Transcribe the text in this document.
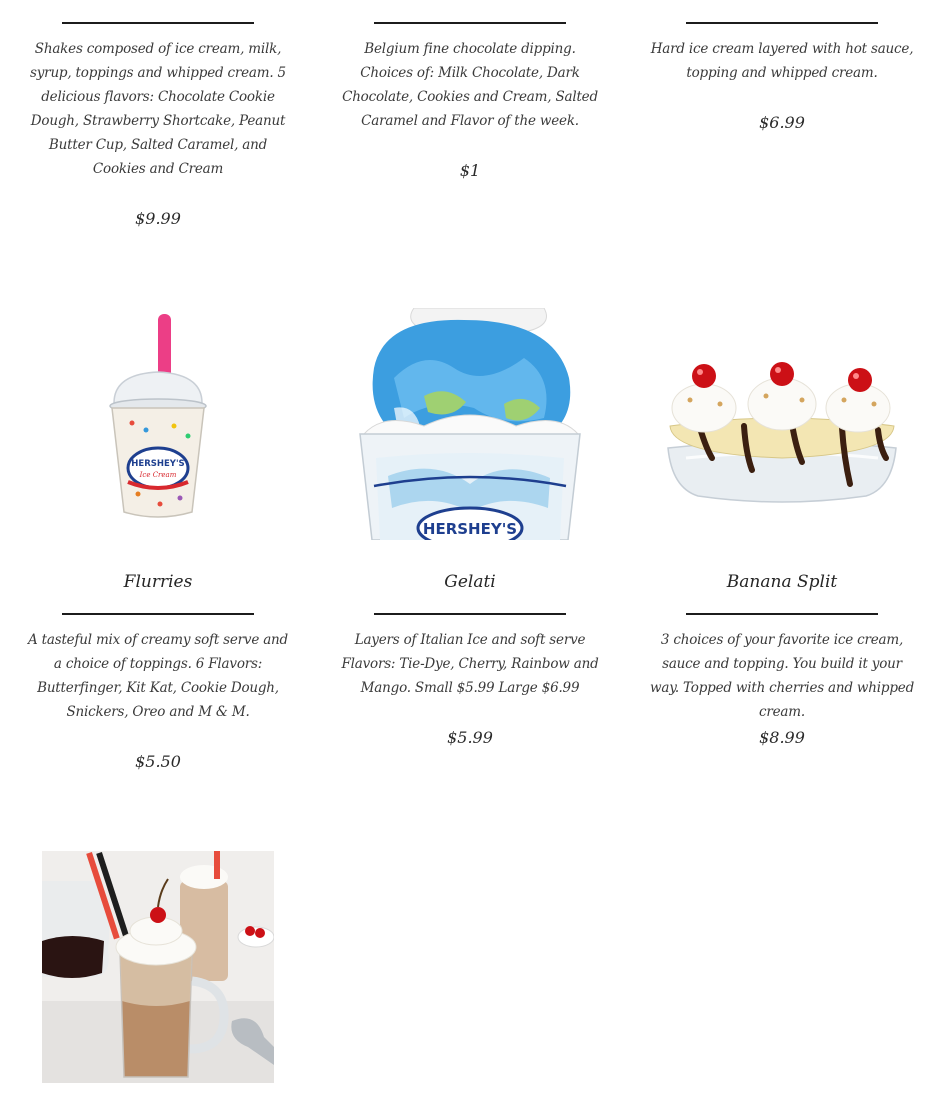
Shakes composed of ice cream, milk, syrup, toppings and whipped cream. 5 delicious flavors: Chocolate Cookie Dough, Strawberry Shortcake, Peanut Butter Cup, Salted Caramel, and Cookies and Cream
$9.99
Belgium fine chocolate dipping. Choices of: Milk Chocolate, Dark Chocolate, Cookies and Cream, Salted Caramel and Flavor of the week.
$1
Hard ice cream layered with hot sauce, topping and whipped cream.
$6.99
HERSHEY'S
Ice Cream
Flurries
A tasteful mix of creamy soft serve and a choice of toppings. 6 Flavors: Butterfinger, Kit Kat, Cookie Dough, Snickers, Oreo and M & M.
$5.50
HERSHEY'S
Gelati
Layers of Italian Ice and soft serve Flavors: Tie-Dye, Cherry, Rainbow and Mango. Small $5.99 Large $6.99
$5.99
Banana Split
3 choices of your favorite ice cream, sauce and topping. You build it your way. Topped with cherries and whipped cream.
$8.99
